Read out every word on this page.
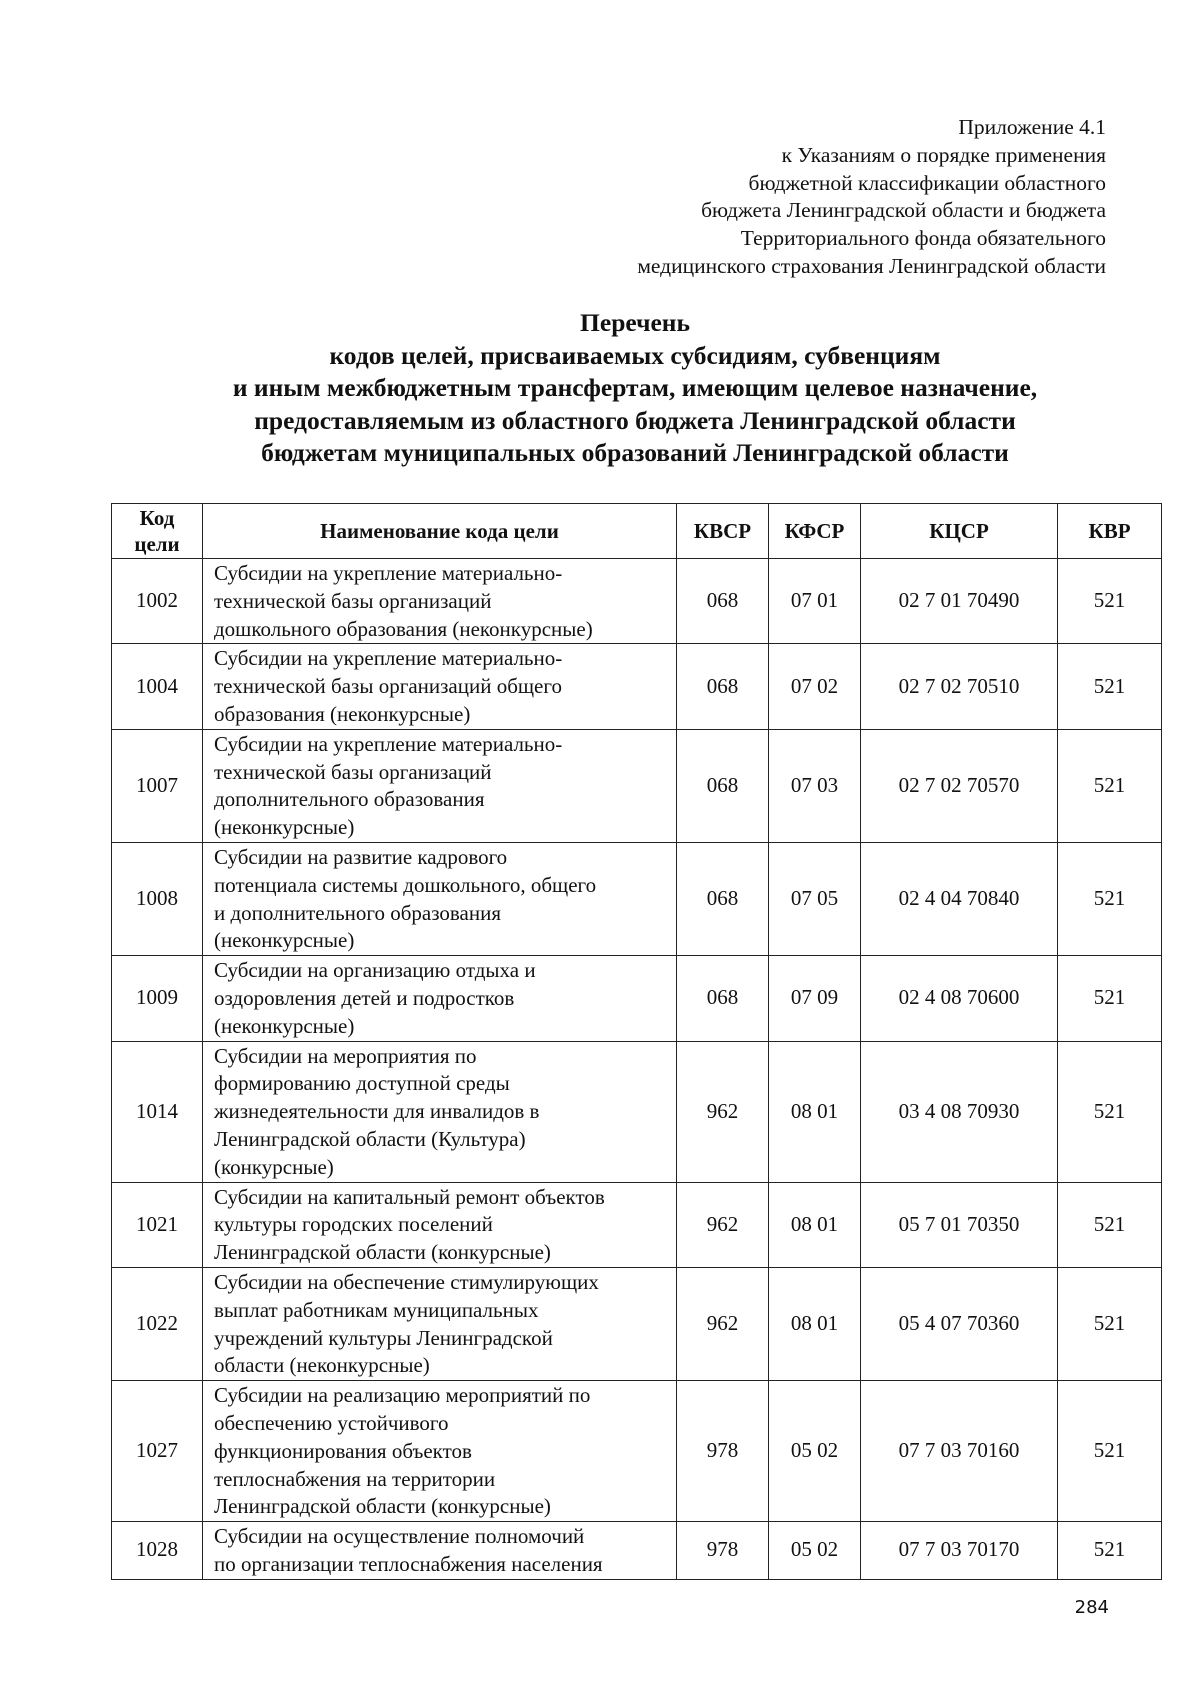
Приложение 4.1
к Указаниям о порядке применения
бюджетной классификации областного
бюджета Ленинградской области и бюджета
Территориального фонда обязательного
медицинского страхования Ленинградской области
Перечень
кодов целей, присваиваемых субсидиям, субвенциям
и иным межбюджетным трансфертам, имеющим целевое назначение,
предоставляемым из областного бюджета Ленинградской области
бюджетам муниципальных образований Ленинградской области
Код
цели	Наименование кода цели	КВСР	КФСР	КЦСР	КВР
1002	Субсидии на укрепление материально-
технической базы организаций
дошкольного образования (неконкурсные)	068	07 01	02 7 01 70490	521
1004	Субсидии на укрепление материально-
технической базы организаций общего
образования (неконкурсные)	068	07 02	02 7 02 70510	521
1007	Субсидии на укрепление материально-
технической базы организаций
дополнительного образования
(неконкурсные)	068	07 03	02 7 02 70570	521
1008	Субсидии на развитие кадрового
потенциала системы дошкольного, общего
и дополнительного образования
(неконкурсные)	068	07 05	02 4 04 70840	521
1009	Субсидии на организацию отдыха и
оздоровления детей и подростков
(неконкурсные)	068	07 09	02 4 08 70600	521
1014	Субсидии на мероприятия по
формированию доступной среды
жизнедеятельности для инвалидов в
Ленинградской области (Культура)
(конкурсные)	962	08 01	03 4 08 70930	521
1021	Субсидии на капитальный ремонт объектов
культуры городских поселений
Ленинградской области (конкурсные)	962	08 01	05 7 01 70350	521
1022	Субсидии на обеспечение стимулирующих
выплат работникам муниципальных
учреждений культуры Ленинградской
области (неконкурсные)	962	08 01	05 4 07 70360	521
1027	Субсидии на реализацию мероприятий по
обеспечению устойчивого
функционирования объектов
теплоснабжения на территории
Ленинградской области (конкурсные)	978	05 02	07 7 03 70160	521
1028	Субсидии на осуществление полномочий
по организации теплоснабжения населения	978	05 02	07 7 03 70170	521
284
